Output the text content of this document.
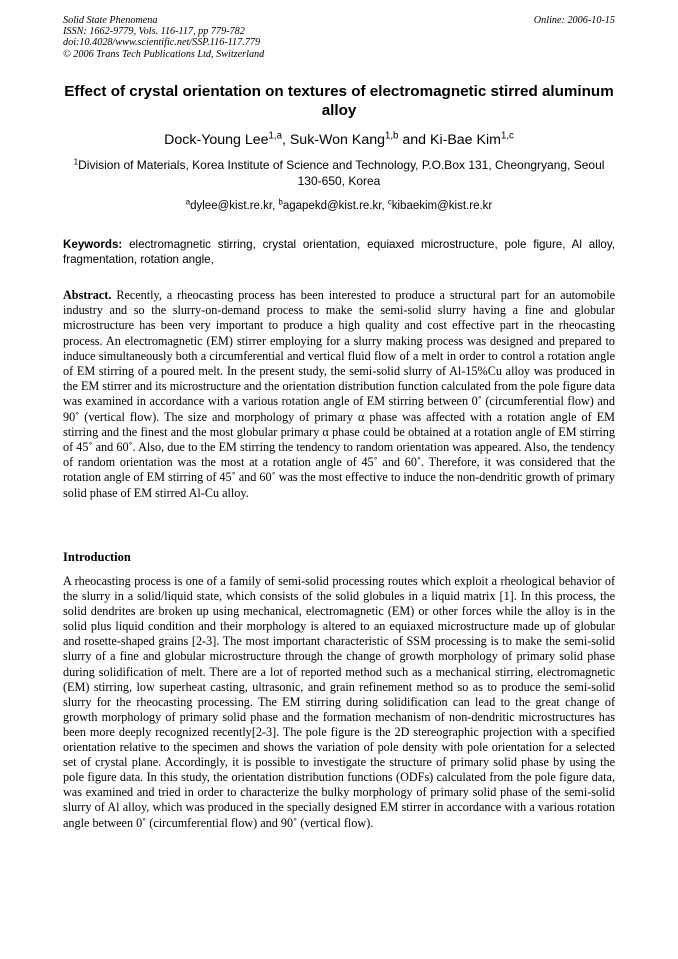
Solid State Phenomena
ISSN: 1662-9779, Vols. 116-117, pp 779-782
doi:10.4028/www.scientific.net/SSP.116-117.779
© 2006 Trans Tech Publications Ltd, Switzerland
Online: 2006-10-15
Effect of crystal orientation on textures of electromagnetic stirred aluminum alloy
Dock-Young Lee$^{1,a}$, Suk-Won Kang$^{1,b}$ and Ki-Bae Kim$^{1,c}$
$^1$Division of Materials, Korea Institute of Science and Technology, P.O.Box 131, Cheongryang, Seoul 130-650, Korea
$^a$dylee@kist.re.kr, $^b$agapekd@kist.re.kr, $^c$kibaekim@kist.re.kr
Keywords: electromagnetic stirring, crystal orientation, equiaxed microstructure, pole figure, Al alloy, fragmentation, rotation angle,
Abstract. Recently, a rheocasting process has been interested to produce a structural part for an automobile industry and so the slurry-on-demand process to make the semi-solid slurry having a fine and globular microstructure has been very important to produce a high quality and cost effective part in the rheocasting process. An electromagnetic (EM) stirrer employing for a slurry making process was designed and prepared to induce simultaneously both a circumferential and vertical fluid flow of a melt in order to control a rotation angle of EM stirring of a poured melt. In the present study, the semi-solid slurry of Al-15%Cu alloy was produced in the EM stirrer and its microstructure and the orientation distribution function calculated from the pole figure data was examined in accordance with a various rotation angle of EM stirring between 0˚ (circumferential flow) and 90˚ (vertical flow). The size and morphology of primary α phase was affected with a rotation angle of EM stirring and the finest and the most globular primary α phase could be obtained at a rotation angle of EM stirring of 45˚ and 60˚. Also, due to the EM stirring the tendency to random orientation was appeared. Also, the tendency of random orientation was the most at a rotation angle of 45˚ and 60˚. Therefore, it was considered that the rotation angle of EM stirring of 45˚ and 60˚ was the most effective to induce the non-dendritic growth of primary solid phase of EM stirred Al-Cu alloy.
Introduction
A rheocasting process is one of a family of semi-solid processing routes which exploit a rheological behavior of the slurry in a solid/liquid state, which consists of the solid globules in a liquid matrix [1]. In this process, the solid dendrites are broken up using mechanical, electromagnetic (EM) or other forces while the alloy is in the solid plus liquid condition and their morphology is altered to an equiaxed microstructure made up of globular and rosette-shaped grains [2-3]. The most important characteristic of SSM processing is to make the semi-solid slurry of a fine and globular microstructure through the change of growth morphology of primary solid phase during solidification of melt. There are a lot of reported method such as a mechanical stirring, electromagnetic (EM) stirring, low superheat casting, ultrasonic, and grain refinement method so as to produce the semi-solid slurry for the rheocasting processing. The EM stirring during solidification can lead to the great change of growth morphology of primary solid phase and the formation mechanism of non-dendritic microstructures has been more deeply recognized recently[2-3]. The pole figure is the 2D stereographic projection with a specified orientation relative to the specimen and shows the variation of pole density with pole orientation for a selected set of crystal plane. Accordingly, it is possible to investigate the structure of primary solid phase by using the pole figure data. In this study, the orientation distribution functions (ODFs) calculated from the pole figure data, was examined and tried in order to characterize the bulky morphology of primary solid phase of the semi-solid slurry of Al alloy, which was produced in the specially designed EM stirrer in accordance with a various rotation angle between 0˚ (circumferential flow) and 90˚ (vertical flow).
